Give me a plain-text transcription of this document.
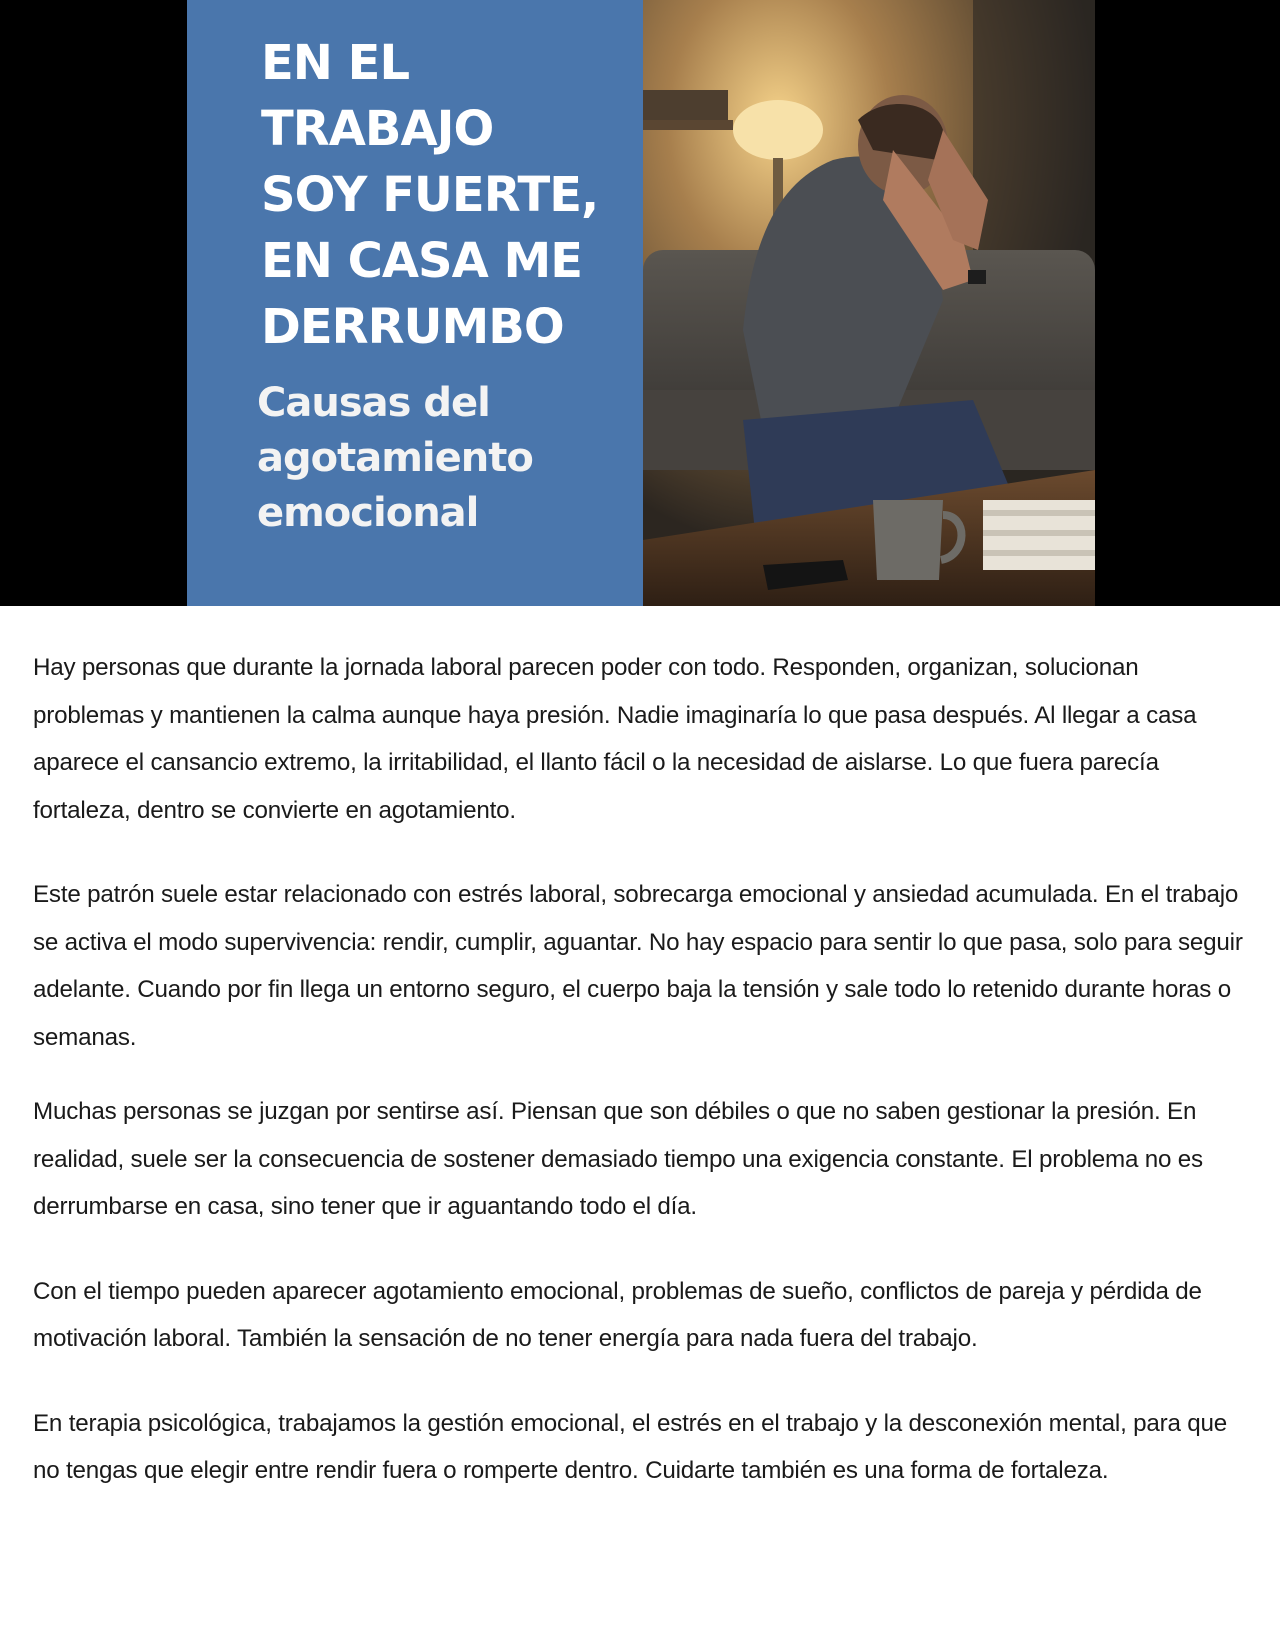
EN EL
TRABAJO
SOY FUERTE,
EN CASA ME
DERRUMBO
Causas del
agotamiento
emocional

Hay personas que durante la jornada laboral parecen poder con todo. Responden, organizan, solucionan problemas y mantienen la calma aunque haya presión. Nadie imaginaría lo que pasa después. Al llegar a casa aparece el cansancio extremo, la irritabilidad, el llanto fácil o la necesidad de aislarse. Lo que fuera parecía fortaleza, dentro se convierte en agotamiento.

Este patrón suele estar relacionado con estrés laboral, sobrecarga emocional y ansiedad acumulada. En el trabajo se activa el modo supervivencia: rendir, cumplir, aguantar. No hay espacio para sentir lo que pasa, solo para seguir adelante. Cuando por fin llega un entorno seguro, el cuerpo baja la tensión y sale todo lo retenido durante horas o semanas.

Muchas personas se juzgan por sentirse así. Piensan que son débiles o que no saben gestionar la presión. En realidad, suele ser la consecuencia de sostener demasiado tiempo una exigencia constante. El problema no es derrumbarse en casa, sino tener que ir aguantando todo el día.

Con el tiempo pueden aparecer agotamiento emocional, problemas de sueño, conflictos de pareja y pérdida de motivación laboral. También la sensación de no tener energía para nada fuera del trabajo.

En terapia psicológica, trabajamos la gestión emocional, el estrés en el trabajo y la desconexión mental, para que no tengas que elegir entre rendir fuera o romperte dentro. Cuidarte también es una forma de fortaleza.
